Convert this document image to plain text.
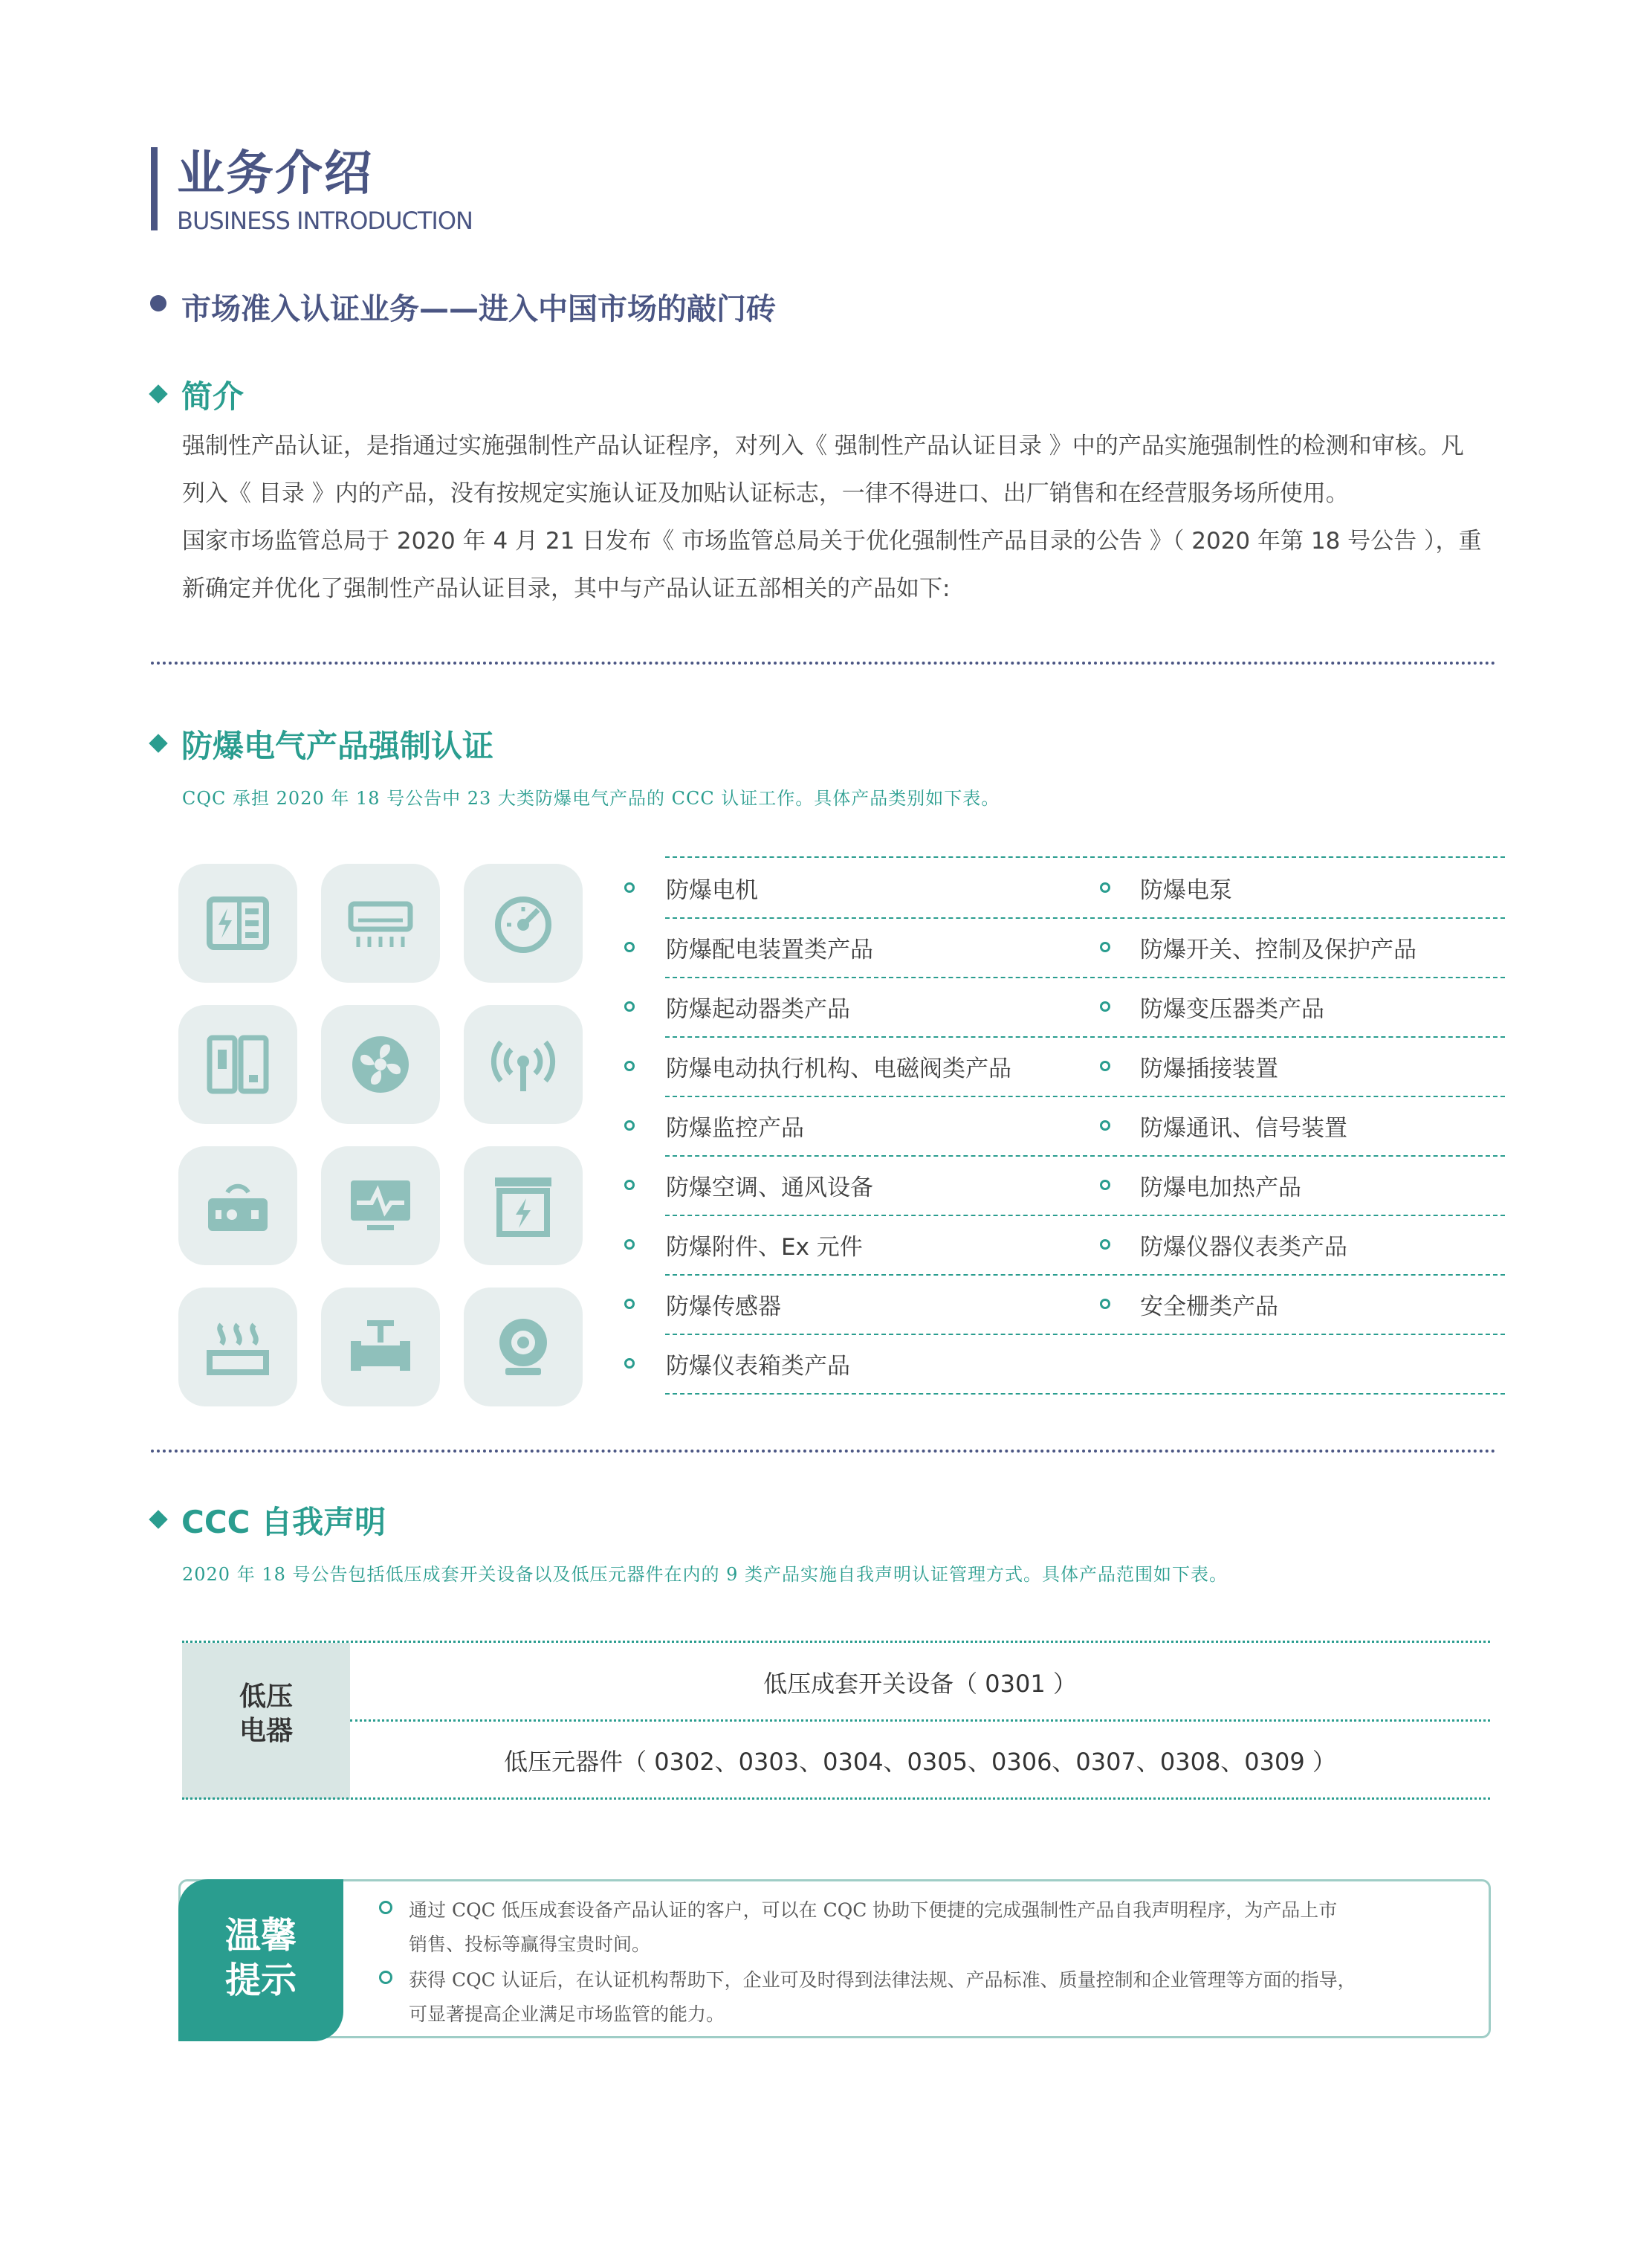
业务介绍
BUSINESS INTRODUCTION
市场准入认证业务——进入中国市场的敲门砖
简介

强制性产品认证，是指通过实施强制性产品认证程序，对列入《 强制性产品认证目录 》中的产品实施强制性的检测和审核。凡

列入《 目录 》内的产品，没有按规定实施认证及加贴认证标志，一律不得进口、出厂销售和在经营服务场所使用。

国家市场监管总局于 2020 年 4 月 21 日发布《 市场监管总局关于优化强制性产品目录的公告 》（ 2020 年第 18 号公告 ），重

新确定并优化了强制性产品认证目录，其中与产品认证五部相关的产品如下:

防爆电气产品强制认证
CQC 承担 2020 年 18 号公告中 23 大类防爆电气产品的 CCC 认证工作。具体产品类别如下表。
防爆电机
防爆配电装置类产品
防爆起动器类产品
防爆电动执行机构、电磁阀类产品
防爆监控产品
防爆空调、通风设备
防爆附件、Ex 元件
防爆传感器
防爆仪表箱类产品
防爆电泵
防爆开关、控制及保护产品
防爆变压器类产品
防爆插接装置
防爆通讯、信号装置
防爆电加热产品
防爆仪器仪表类产品
安全栅类产品
CCC 自我声明
2020 年 18 号公告包括低压成套开关设备以及低压元器件在内的 9 类产品实施自我声明认证管理方式。具体产品范围如下表。
低压
电器
低压成套开关设备（ 0301 ）
低压元器件（ 0302、0303、0304、0305、0306、0307、0308、0309 ）
温馨
提示
通过 CQC 低压成套设备产品认证的客户，可以在 CQC 协助下便捷的完成强制性产品自我声明程序，为产品上市
销售、投标等赢得宝贵时间。
获得 CQC 认证后，在认证机构帮助下，企业可及时得到法律法规、产品标准、质量控制和企业管理等方面的指导，
可显著提高企业满足市场监管的能力。
